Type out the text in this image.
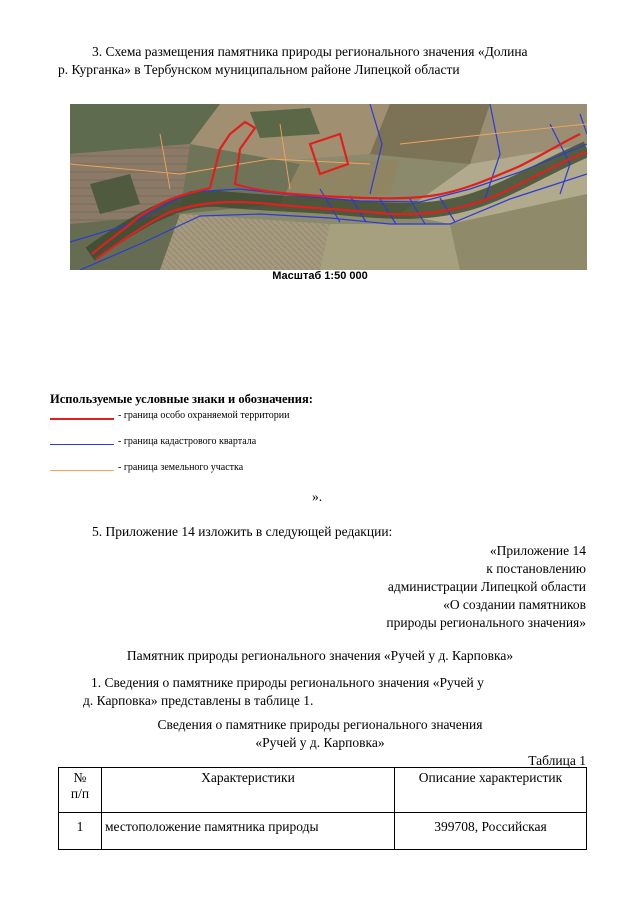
3. Схема размещения памятника природы регионального значения «Долина
р. Курганка» в Тербунском муниципальном районе Липецкой области
Масштаб 1:50 000
Используемые условные знаки и обозначения:
- граница особо охраняемой территории
- граница кадастрового квартала
- граница земельного участка
».
5. Приложение 14 изложить в следующей редакции:
«Приложение 14
к постановлению
администрации Липецкой области
«О создании памятников
природы регионального значения»
Памятник природы регионального значения «Ручей у д. Карповка»
1. Сведения о памятнике природы регионального значения «Ручей у
д. Карповка» представлены в таблице 1.
Сведения о памятнике природы регионального значения
«Ручей у д. Карповка»
Таблица 1
№
п/п	Характеристики	Описание характеристик
1	местоположение памятника природы	399708, Российская
